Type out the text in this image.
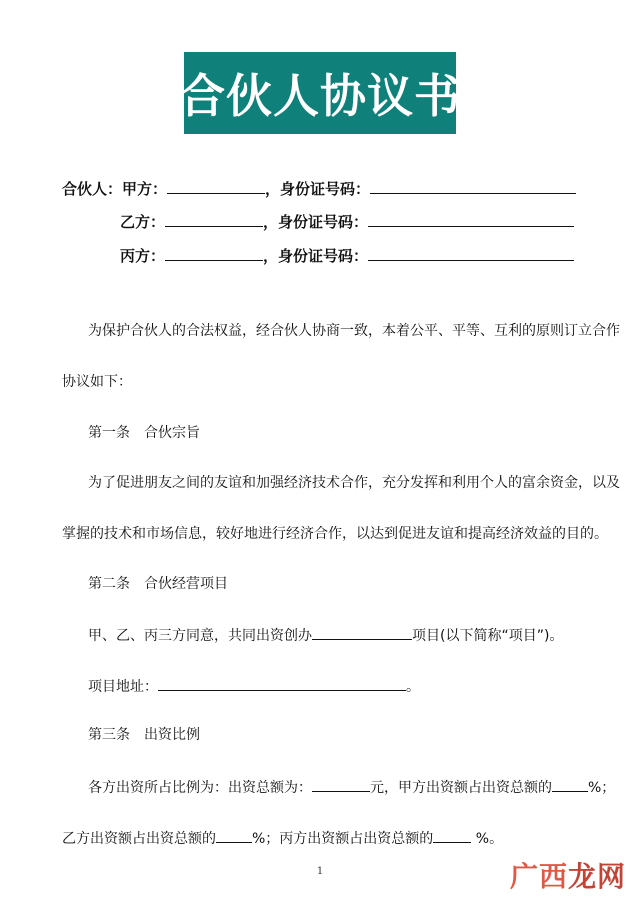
合伙人协议书
合伙人：甲方：	，身份证号码：
乙方：	，身份证号码：
丙方：	，身份证号码：
为保护合伙人的合法权益，经合伙人协商一致，本着公平、平等、互利的原则订立合作
协议如下：
第一条　合伙宗旨
为了促进朋友之间的友谊和加强经济技术合作，充分发挥和利用个人的富余资金，以及
掌握的技术和市场信息，较好地进行经济合作，以达到促进友谊和提高经济效益的目的。
第二条　合伙经营项目
甲、乙、丙三方同意，共同出资创办	项目(以下简称“项目”)。
项目地址：	。
第三条　出资比例
各方出资所占比例为：出资总额为：	元，甲方出资额占出资总额的	%；
乙方出资额占出资总额的	%；丙方出资额占出资总额的	%。
1	广西龙网
